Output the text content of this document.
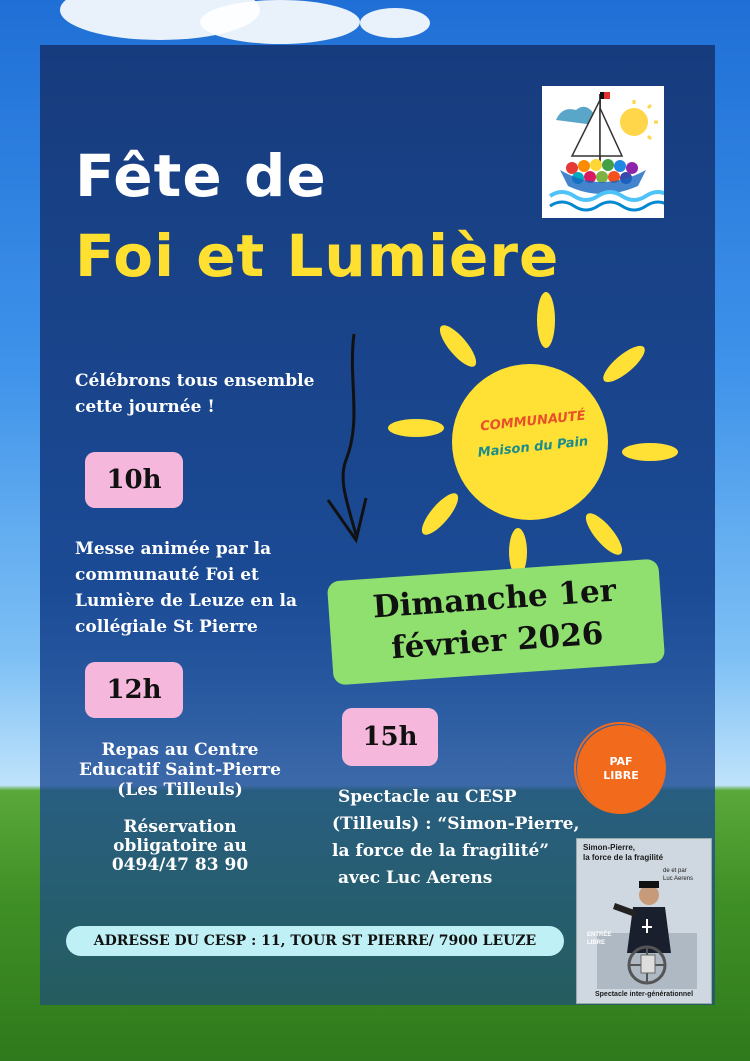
Fête de
Foi et Lumière
Célébrons tous ensemble
cette journée !
COMMUNAUTÉ
Maison du Pain
10h
Messe animée par la
communauté Foi et
Lumière de Leuze en la
collégiale St Pierre
Dimanche 1er
février 2026
12h
Repas au Centre
Educatif Saint-Pierre
(Les Tilleuls)
Réservation
obligatoire au
0494/47 83 90
15h
Spectacle au CESP
(Tilleuls) : “Simon-Pierre,
la force de la fragilité”
avec Luc Aerens
PAF
LIBRE
Simon-Pierre,
la force de la fragilité
de et par
Luc Aerens
ENTRÉE
LIBRE
Spectacle inter-générationnel
ADRESSE DU CESP : 11, TOUR ST PIERRE/ 7900 LEUZE
